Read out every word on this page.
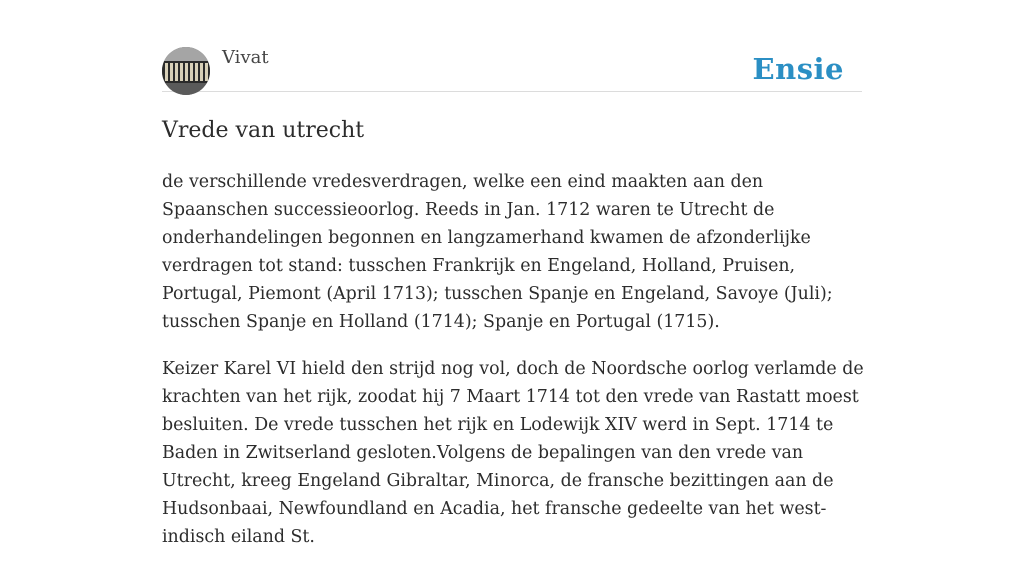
Vivat	Ensie
Vrede van utrecht

de verschillende vredesverdragen, welke een eind maakten aan den Spaanschen successieoorlog. Reeds in Jan. 1712 waren te Utrecht de onderhandelingen begonnen en langzamerhand kwamen de afzonderlijke verdragen tot stand: tusschen Frankrijk en Engeland, Holland, Pruisen, Portugal, Piemont (April 1713); tusschen Spanje en Engeland, Savoye (Juli); tusschen Spanje en Holland (1714); Spanje en Portugal (1715).

Keizer Karel VI hield den strijd nog vol, doch de Noordsche oorlog verlamde de krachten van het rijk, zoodat hij 7 Maart 1714 tot den vrede van Rastatt moest besluiten. De vrede tusschen het rijk en Lodewijk XIV werd in Sept. 1714 te Baden in Zwitserland gesloten.Volgens de bepalingen van den vrede van Utrecht, kreeg Engeland Gibraltar, Minorca, de fransche bezittingen aan de Hudsonbaai, Newfoundland en Acadia, het fransche gedeelte van het west-indisch eiland St.
